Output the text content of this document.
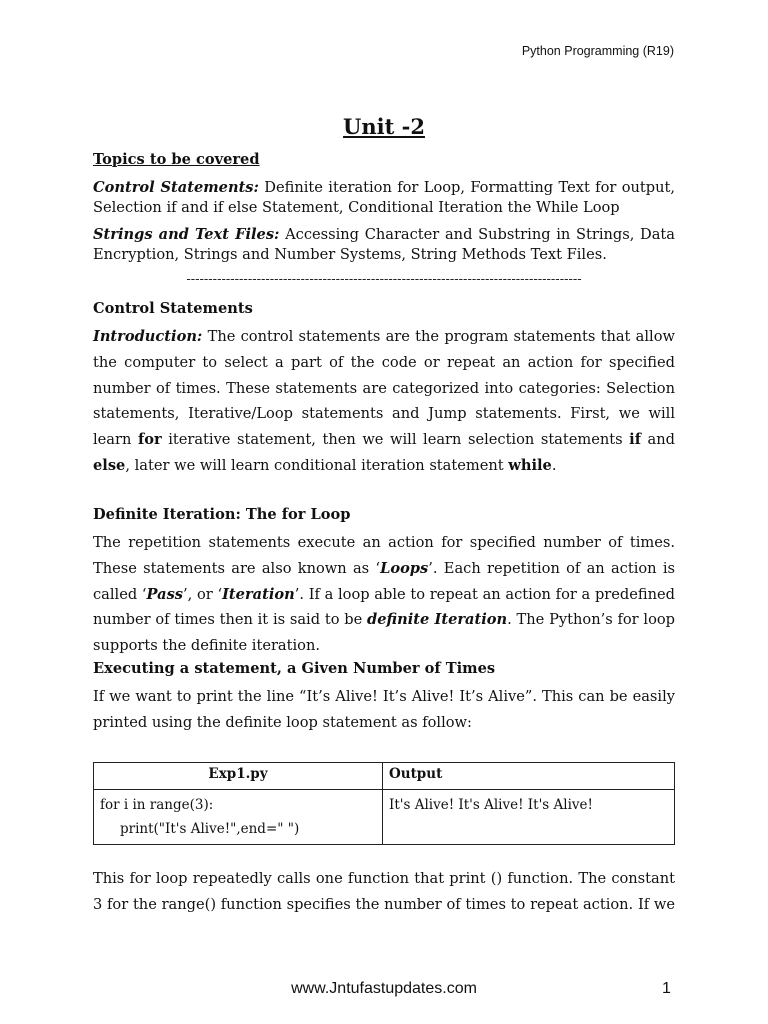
Python Programming (R19)
Unit -2
Topics to be covered
Control Statements: Definite iteration for Loop, Formatting Text for output,
Selection if and if else Statement, Conditional Iteration the While Loop
Strings and Text Files: Accessing Character and Substring in Strings, Data
Encryption, Strings and Number Systems, String Methods Text Files.
------------------------------------------------------------------------------------------
Control Statements
Introduction: The control statements are the program statements that allow
the computer to select a part of the code or repeat an action for specified
number of times. These statements are categorized into categories: Selection
statements, Iterative/Loop statements and Jump statements. First, we will
learn for iterative statement, then we will learn selection statements if and
else, later we will learn conditional iteration statement while.
Definite Iteration: The for Loop
The repetition statements execute an action for specified number of times.
These statements are also known as ‘Loops’. Each repetition of an action is
called ‘Pass’, or ‘Iteration’. If a loop able to repeat an action for a predefined
number of times then it is said to be definite Iteration. The Python’s for loop
supports the definite iteration.
Executing a statement, a Given Number of Times
If we want to print the line “It’s Alive! It’s Alive! It’s Alive”. This can be easily
printed using the definite loop statement as follow:
Exp1.py	Output

for i in range(3):
print("It's Alive!",end=" ")	It's Alive! It's Alive! It's Alive!
This for loop repeatedly calls one function that print () function. The constant
3 for the range() function specifies the number of times to repeat action. If we
www.Jntufastupdates.com	1
